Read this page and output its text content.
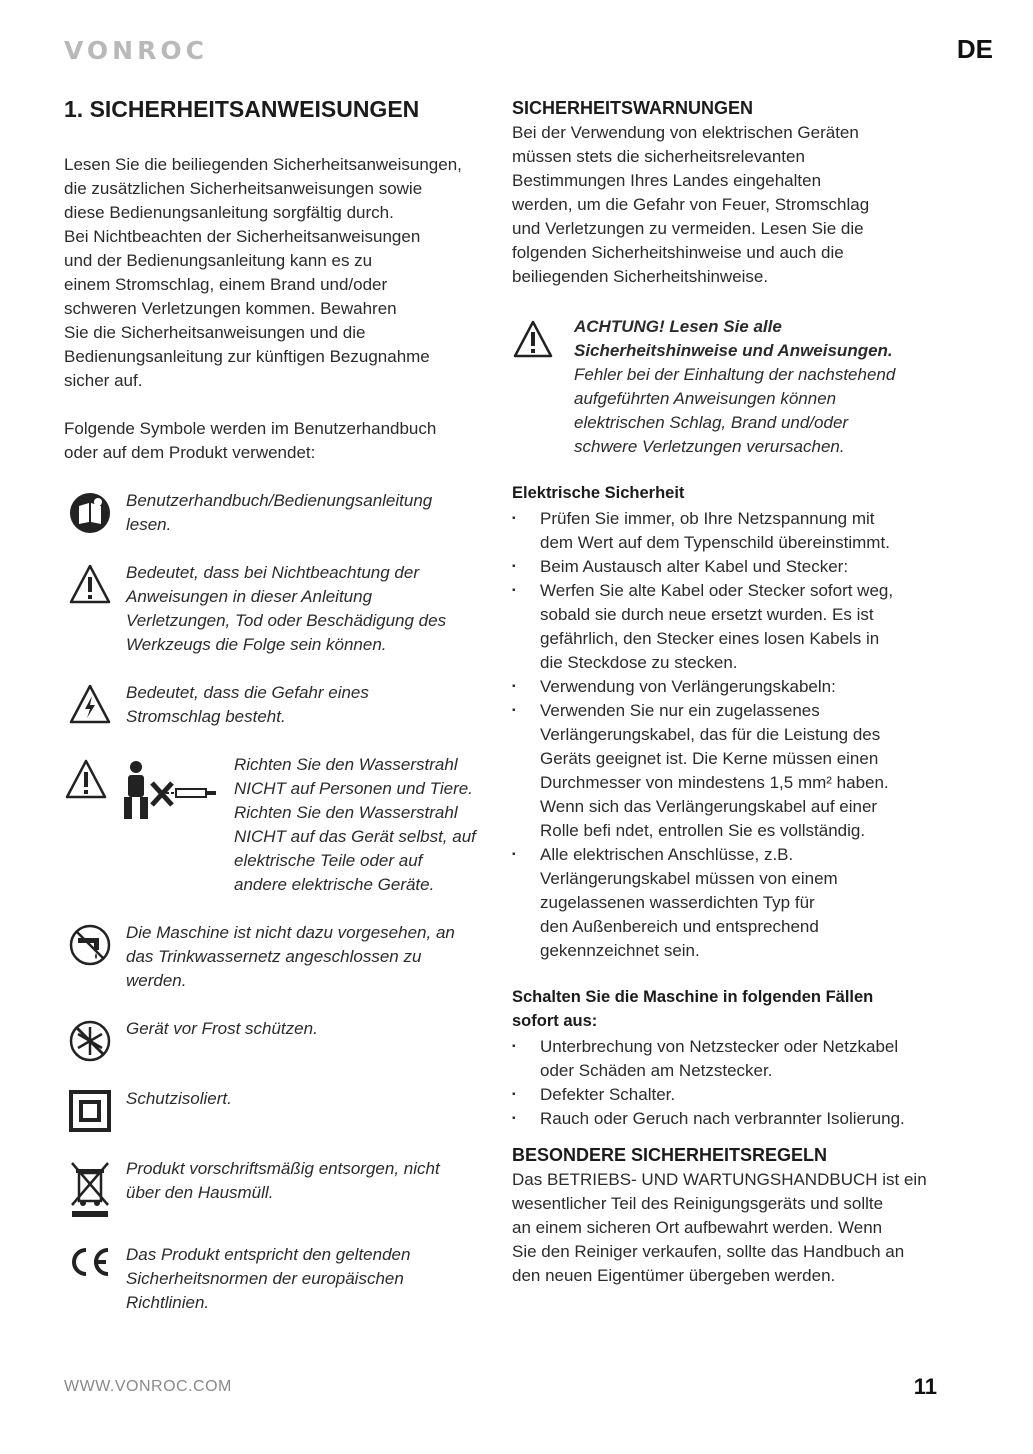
VONROC	DE
1. SICHERHEITSANWEISUNGEN
Lesen Sie die beiliegenden Sicherheitsanweisungen,
die zusätzlichen Sicherheitsanweisungen sowie
diese Bedienungsanleitung sorgfältig durch.
Bei Nichtbeachten der Sicherheitsanweisungen
und der Bedienungsanleitung kann es zu
einem Stromschlag, einem Brand und/oder
schweren Verletzungen kommen. Bewahren
Sie die Sicherheitsanweisungen und die
Bedienungsanleitung zur künftigen Bezugnahme
sicher auf.
Folgende Symbole werden im Benutzerhandbuch
oder auf dem Produkt verwendet:
Benutzerhandbuch/Bedienungsanleitung
lesen.
Bedeutet, dass bei Nichtbeachtung der
Anweisungen in dieser Anleitung
Verletzungen, Tod oder Beschädigung des
Werkzeugs die Folge sein können.
Bedeutet, dass die Gefahr eines
Stromschlag besteht.
Richten Sie den Wasserstrahl
NICHT auf Personen und Tiere.
Richten Sie den Wasserstrahl
NICHT auf das Gerät selbst, auf
elektrische Teile oder auf
andere elektrische Geräte.
Die Maschine ist nicht dazu vorgesehen, an
das Trinkwassernetz angeschlossen zu
werden.
Gerät vor Frost schützen.
Schutzisoliert.
Produkt vorschriftsmäßig entsorgen, nicht
über den Hausmüll.
Das Produkt entspricht den geltenden
Sicherheitsnormen der europäischen
Richtlinien.
SICHERHEITSWARNUNGEN
Bei der Verwendung von elektrischen Geräten
müssen stets die sicherheitsrelevanten
Bestimmungen Ihres Landes eingehalten
werden, um die Gefahr von Feuer, Stromschlag
und Verletzungen zu vermeiden. Lesen Sie die
folgenden Sicherheitshinweise und auch die
beiliegenden Sicherheitshinweise.
ACHTUNG! Lesen Sie alle
Sicherheitshinweise und Anweisungen.
Fehler bei der Einhaltung der nachstehend
aufgeführten Anweisungen können
elektrischen Schlag, Brand und/oder
schwere Verletzungen verursachen.
Elektrische Sicherheit
▪ Prüfen Sie immer, ob Ihre Netzspannung mit
dem Wert auf dem Typenschild übereinstimmt.
▪ Beim Austausch alter Kabel und Stecker:
▪ Werfen Sie alte Kabel oder Stecker sofort weg,
sobald sie durch neue ersetzt wurden. Es ist
gefährlich, den Stecker eines losen Kabels in
die Steckdose zu stecken.
▪ Verwendung von Verlängerungskabeln:
▪ Verwenden Sie nur ein zugelassenes
Verlängerungskabel, das für die Leistung des
Geräts geeignet ist. Die Kerne müssen einen
Durchmesser von mindestens 1,5 mm² haben.
Wenn sich das Verlängerungskabel auf einer
Rolle befi ndet, entrollen Sie es vollständig.
▪ Alle elektrischen Anschlüsse, z.B.
Verlängerungskabel müssen von einem
zugelassenen wasserdichten Typ für
den Außenbereich und entsprechend
gekennzeichnet sein.
Schalten Sie die Maschine in folgenden Fällen
sofort aus:
▪ Unterbrechung von Netzstecker oder Netzkabel
oder Schäden am Netzstecker.
▪ Defekter Schalter.
▪ Rauch oder Geruch nach verbrannter Isolierung.
BESONDERE SICHERHEITSREGELN
Das BETRIEBS- UND WARTUNGSHANDBUCH ist ein
wesentlicher Teil des Reinigungsgeräts und sollte
an einem sicheren Ort aufbewahrt werden. Wenn
Sie den Reiniger verkaufen, sollte das Handbuch an
den neuen Eigentümer übergeben werden.
WWW.VONROC.COM	11
